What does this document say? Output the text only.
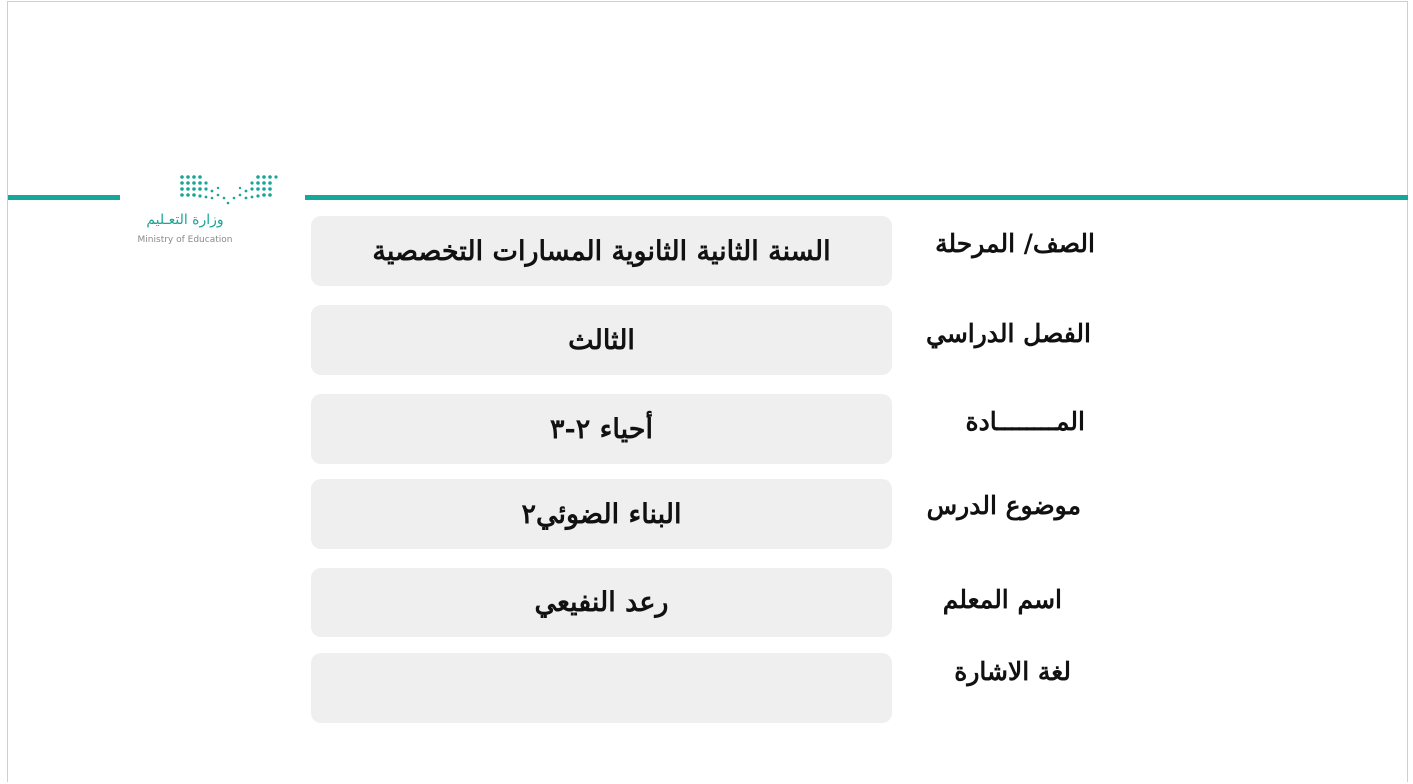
وزارة التعـليم
Ministry of Education	الصف/ المرحلة
السنة الثانية الثانوية المسارات التخصصية
الفصل الدراسي
الثالث
المــــــــادة
أحياء ٢-٣
موضوع الدرس
البناء الضوئي٢
اسم المعلم
رعد النفيعي
لغة الاشارة
